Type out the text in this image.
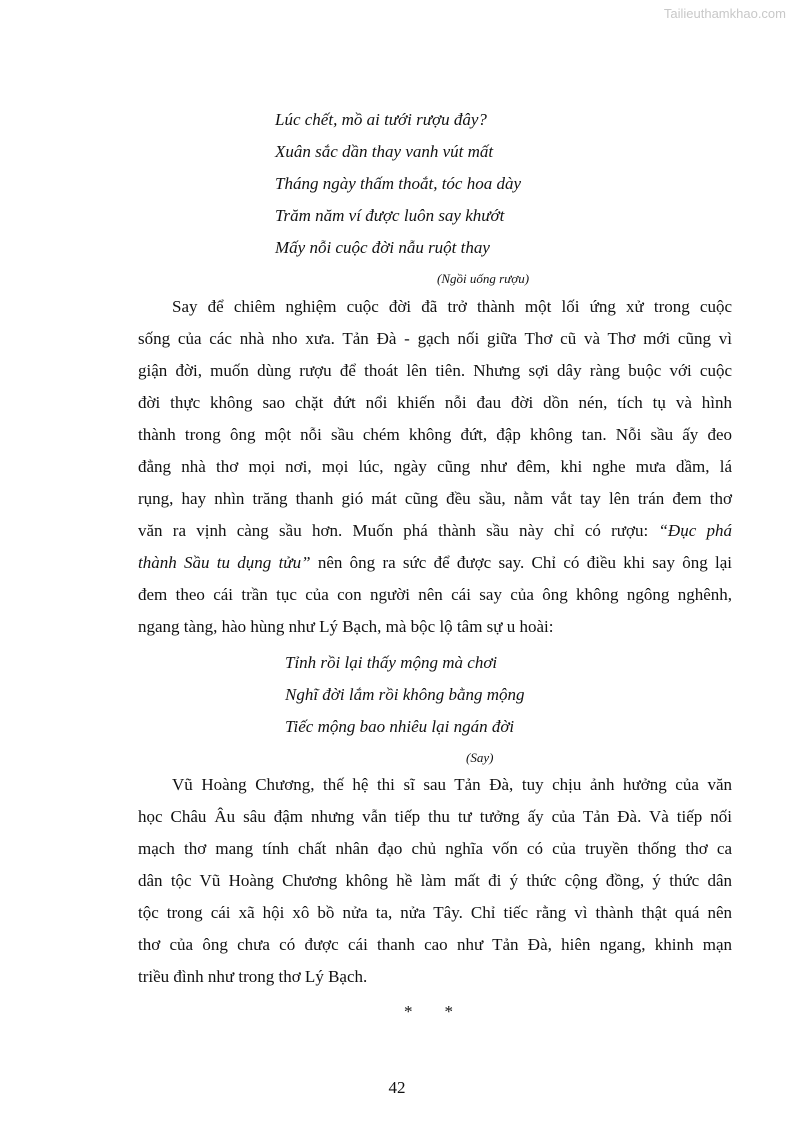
Tailieuthamkhao.com
Lúc chết, mồ ai tưới rượu đây?
Xuân sắc dần thay vanh vút mất
Tháng ngày thấm thoắt, tóc hoa dày
Trăm năm ví được luôn say khướt
Mấy nỗi cuộc đời nẫu ruột thay
(Ngồi uống rượu)
Say để chiêm nghiệm cuộc đời đã trở thành một lối ứng xử trong cuộc
sống của các nhà nho xưa. Tản Đà - gạch nối giữa Thơ cũ và Thơ mới cũng vì
giận đời, muốn dùng rượu để thoát lên tiên. Nhưng sợi dây ràng buộc với cuộc
đời thực không sao chặt đứt nổi khiến nỗi đau đời dồn nén, tích tụ và hình
thành trong ông một nỗi sầu chém không đứt, đập không tan. Nỗi sầu ấy đeo
đẳng nhà thơ mọi nơi, mọi lúc, ngày cũng như đêm, khi nghe mưa dầm, lá
rụng, hay nhìn trăng thanh gió mát cũng đều sầu, nằm vắt tay lên trán đem thơ
văn ra vịnh càng sầu hơn. Muốn phá thành sầu này chỉ có rượu: “Đục phá
thành Sầu tu dụng tửu” nên ông ra sức để được say. Chỉ có điều khi say ông lại
đem theo cái trần tục của con người nên cái say của ông không ngông nghênh,
ngang tàng, hào hùng như Lý Bạch, mà bộc lộ tâm sự u hoài:
Tỉnh rồi lại thấy mộng mà chơi
Nghĩ đời lắm rồi không bằng mộng
Tiếc mộng bao nhiêu lại ngán đời
(Say)
Vũ Hoàng Chương, thế hệ thi sĩ sau Tản Đà, tuy chịu ảnh hưởng của văn
học Châu Âu sâu đậm nhưng vẫn tiếp thu tư tưởng ấy của Tản Đà. Và tiếp nối
mạch thơ mang tính chất nhân đạo chủ nghĩa vốn có của truyền thống thơ ca
dân tộc Vũ Hoàng Chương không hề làm mất đi ý thức cộng đồng, ý thức dân
tộc trong cái xã hội xô bồ nửa ta, nửa Tây. Chỉ tiếc rằng vì thành thật quá nên
thơ của ông chưa có được cái thanh cao như Tản Đà, hiên ngang, khinh mạn
triều đình như trong thơ Lý Bạch.
* *
42
